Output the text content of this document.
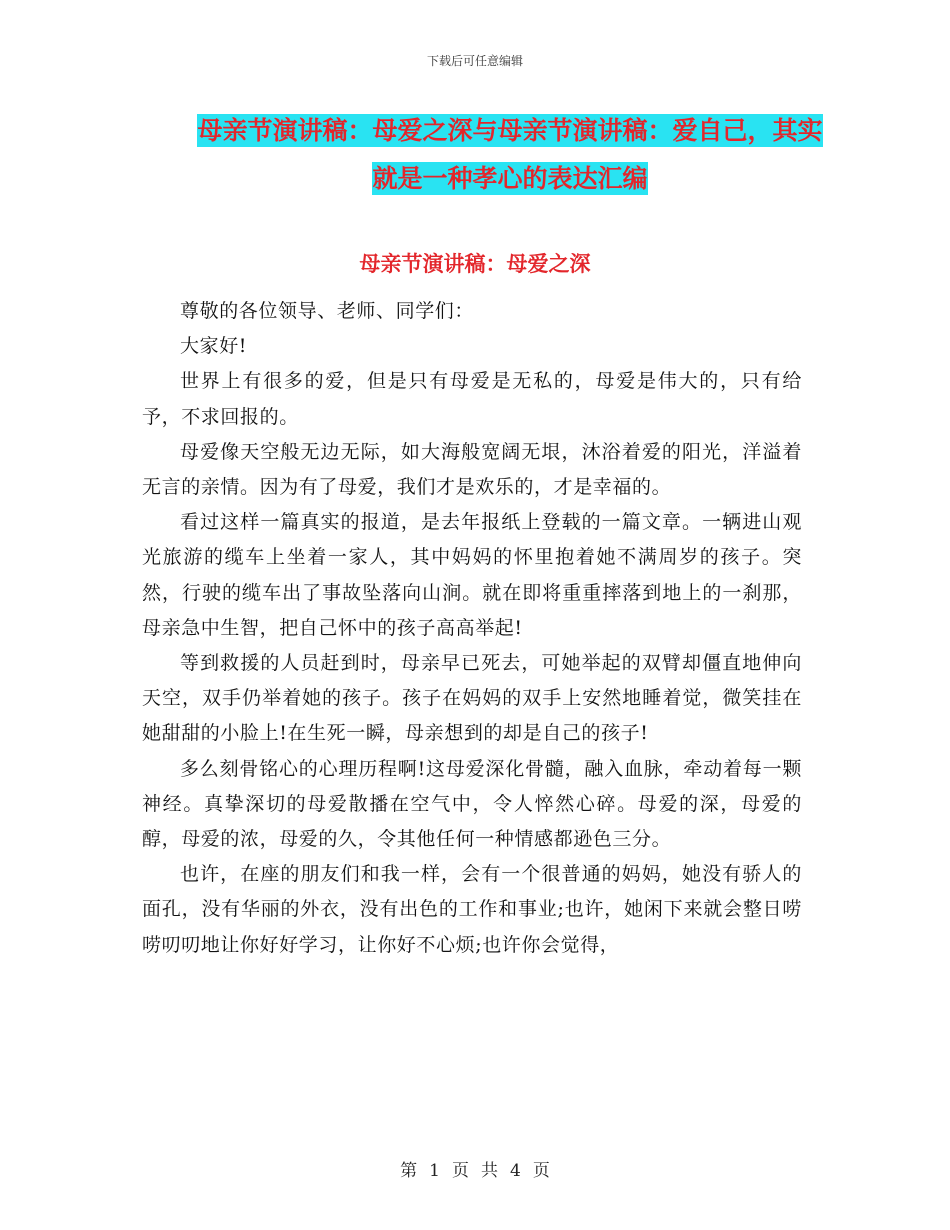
下载后可任意编辑
母亲节演讲稿：母爱之深与母亲节演讲稿：爱自己，其实就是一种孝心的表达汇编
母亲节演讲稿：母爱之深

尊敬的各位领导、老师、同学们：

大家好!

世界上有很多的爱，但是只有母爱是无私的，母爱是伟大的，只有给予，不求回报的。

母爱像天空般无边无际，如大海般宽阔无垠，沐浴着爱的阳光，洋溢着无言的亲情。因为有了母爱，我们才是欢乐的，才是幸福的。

看过这样一篇真实的报道，是去年报纸上登载的一篇文章。一辆进山观光旅游的缆车上坐着一家人，其中妈妈的怀里抱着她不满周岁的孩子。突然，行驶的缆车出了事故坠落向山涧。就在即将重重摔落到地上的一刹那，母亲急中生智，把自己怀中的孩子高高举起!

等到救援的人员赶到时，母亲早已死去，可她举起的双臂却僵直地伸向天空，双手仍举着她的孩子。孩子在妈妈的双手上安然地睡着觉，微笑挂在她甜甜的小脸上!在生死一瞬，母亲想到的却是自己的孩子!

多么刻骨铭心的心理历程啊!这母爱深化骨髓，融入血脉，牵动着每一颗神经。真挚深切的母爱散播在空气中，令人悴然心碎。母爱的深，母爱的醇，母爱的浓，母爱的久，令其他任何一种情感都逊色三分。

也许，在座的朋友们和我一样，会有一个很普通的妈妈，她没有骄人的面孔，没有华丽的外衣，没有出色的工作和事业;也许，她闲下来就会整日唠唠叨叨地让你好好学习，让你好不心烦;也许你会觉得，

第 1 页 共 4 页
